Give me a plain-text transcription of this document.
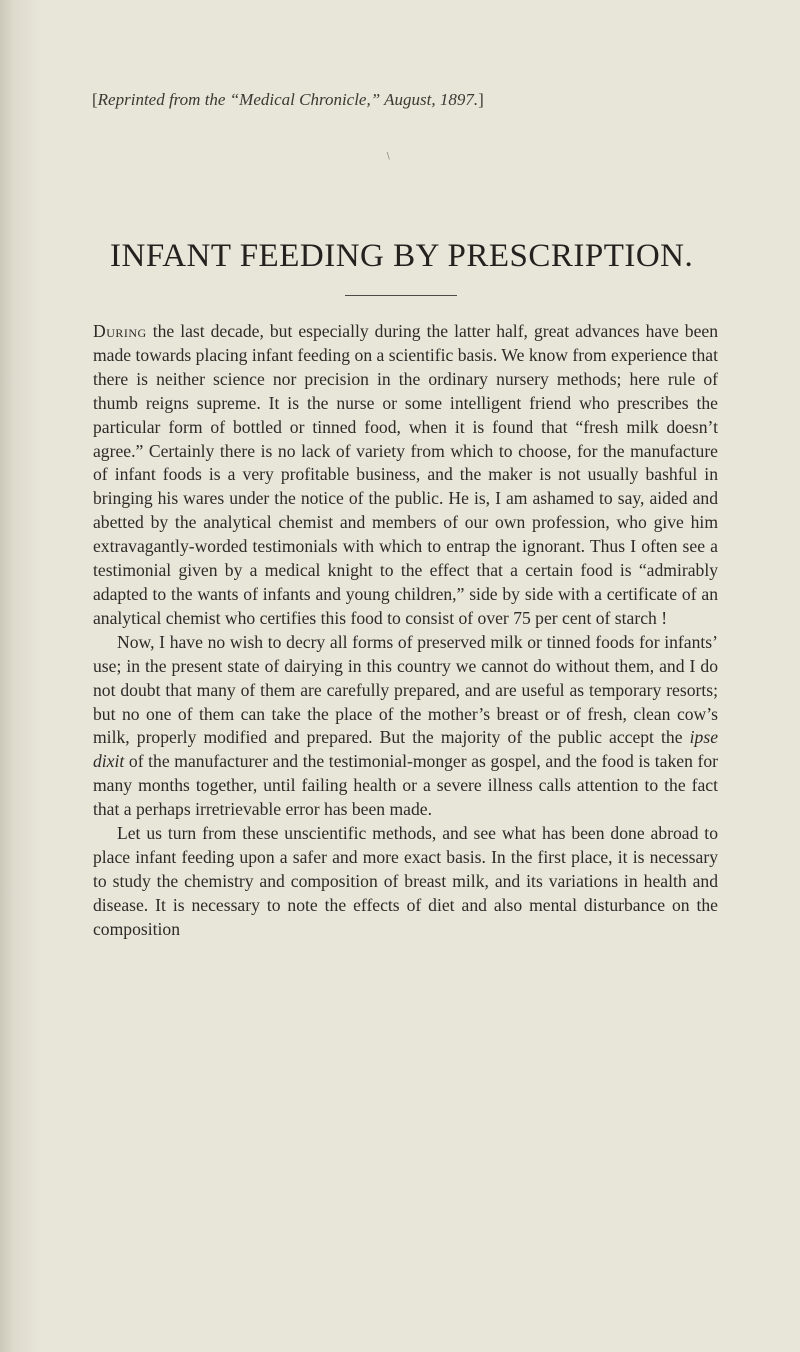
[Reprinted from the “Medical Chronicle,” August, 1897.]
∖
INFANT FEEDING BY PRESCRIPTION.

During the last decade, but especially during the latter half, great advances have been made towards placing infant feeding on a scientific basis. We know from experience that there is neither science nor precision in the ordinary nursery methods; here rule of thumb reigns supreme. It is the nurse or some intelligent friend who prescribes the particular form of bottled or tinned food, when it is found that “fresh milk doesn’t agree.” Certainly there is no lack of variety from which to choose, for the manufacture of infant foods is a very profitable business, and the maker is not usually bashful in bringing his wares under the notice of the public. He is, I am ashamed to say, aided and abetted by the analytical chemist and members of our own profession, who give him extravagantly-worded testimonials with which to entrap the ignorant. Thus I often see a testimonial given by a medical knight to the effect that a certain food is “admirably adapted to the wants of infants and young children,” side by side with a certificate of an analytical chemist who certifies this food to consist of over 75 per cent of starch !

Now, I have no wish to decry all forms of preserved milk or tinned foods for infants’ use; in the present state of dairying in this country we cannot do without them, and I do not doubt that many of them are carefully prepared, and are useful as temporary resorts; but no one of them can take the place of the mother’s breast or of fresh, clean cow’s milk, properly modified and prepared. But the majority of the public accept the ipse dixit of the manufacturer and the testimonial-monger as gospel, and the food is taken for many months together, until failing health or a severe illness calls attention to the fact that a perhaps irretrievable error has been made.

Let us turn from these unscientific methods, and see what has been done abroad to place infant feeding upon a safer and more exact basis. In the first place, it is necessary to study the chemistry and composition of breast milk, and its variations in health and disease. It is necessary to note the effects of diet and also mental disturbance on the composition
